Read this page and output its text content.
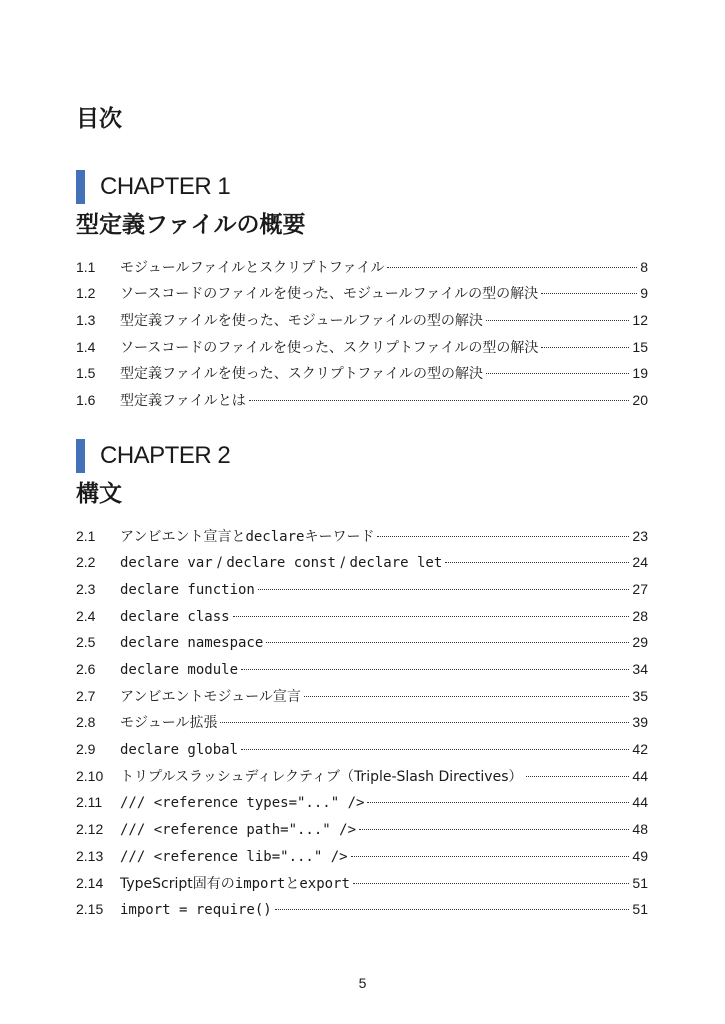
目次
CHAPTER 1
型定義ファイルの概要
1.1	モジュールファイルとスクリプトファイル	8
1.2	ソースコードのファイルを使った、モジュールファイルの型の解決	9
1.3	型定義ファイルを使った、モジュールファイルの型の解決	12
1.4	ソースコードのファイルを使った、スクリプトファイルの型の解決	15
1.5	型定義ファイルを使った、スクリプトファイルの型の解決	19
1.6	型定義ファイルとは	20
CHAPTER 2
構文
2.1	アンビエント宣言とdeclareキーワード	23
2.2	declare var / declare const / declare let	24
2.3	declare function	27
2.4	declare class	28
2.5	declare namespace	29
2.6	declare module	34
2.7	アンビエントモジュール宣言	35
2.8	モジュール拡張	39
2.9	declare global	42
2.10	トリプルスラッシュディレクティブ（Triple-Slash Directives）	44
2.11	/// <reference types="..." />	44
2.12	/// <reference path="..." />	48
2.13	/// <reference lib="..." />	49
2.14	TypeScript固有のimportとexport	51
2.15	import = require()	51
5
